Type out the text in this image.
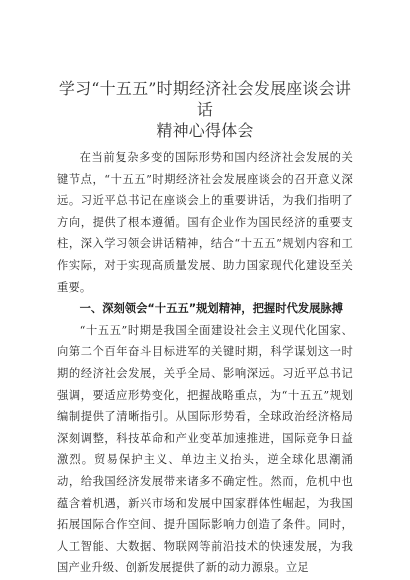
学习“十五五”时期经济社会发展座谈会讲话
精神心得体会

在当前复杂多变的国际形势和国内经济社会发展的关键节点，“十五五”时期经济社会发展座谈会的召开意义深远。习近平总书记在座谈会上的重要讲话，为我们指明了方向，提供了根本遵循。国有企业作为国民经济的重要支柱，深入学习领会讲话精神，结合“十五五”规划内容和工作实际，对于实现高质量发展、助力国家现代化建设至关重要。

一、深刻领会“十五五”规划精神，把握时代发展脉搏

“十五五”时期是我国全面建设社会主义现代化国家、向第二个百年奋斗目标进军的关键时期，科学谋划这一时期的经济社会发展，关乎全局、影响深远。习近平总书记强调，要适应形势变化，把握战略重点，为“十五五”规划编制提供了清晰指引。从国际形势看，全球政治经济格局深刻调整，科技革命和产业变革加速推进，国际竞争日益激烈。贸易保护主义、单边主义抬头，逆全球化思潮涌动，给我国经济发展带来诸多不确定性。然而，危机中也蕴含着机遇，新兴市场和发展中国家群体性崛起，为我国拓展国际合作空间、提升国际影响力创造了条件。同时，人工智能、大数据、物联网等前沿技术的快速发展，为我国产业升级、创新发展提供了新的动力源泉。立足
